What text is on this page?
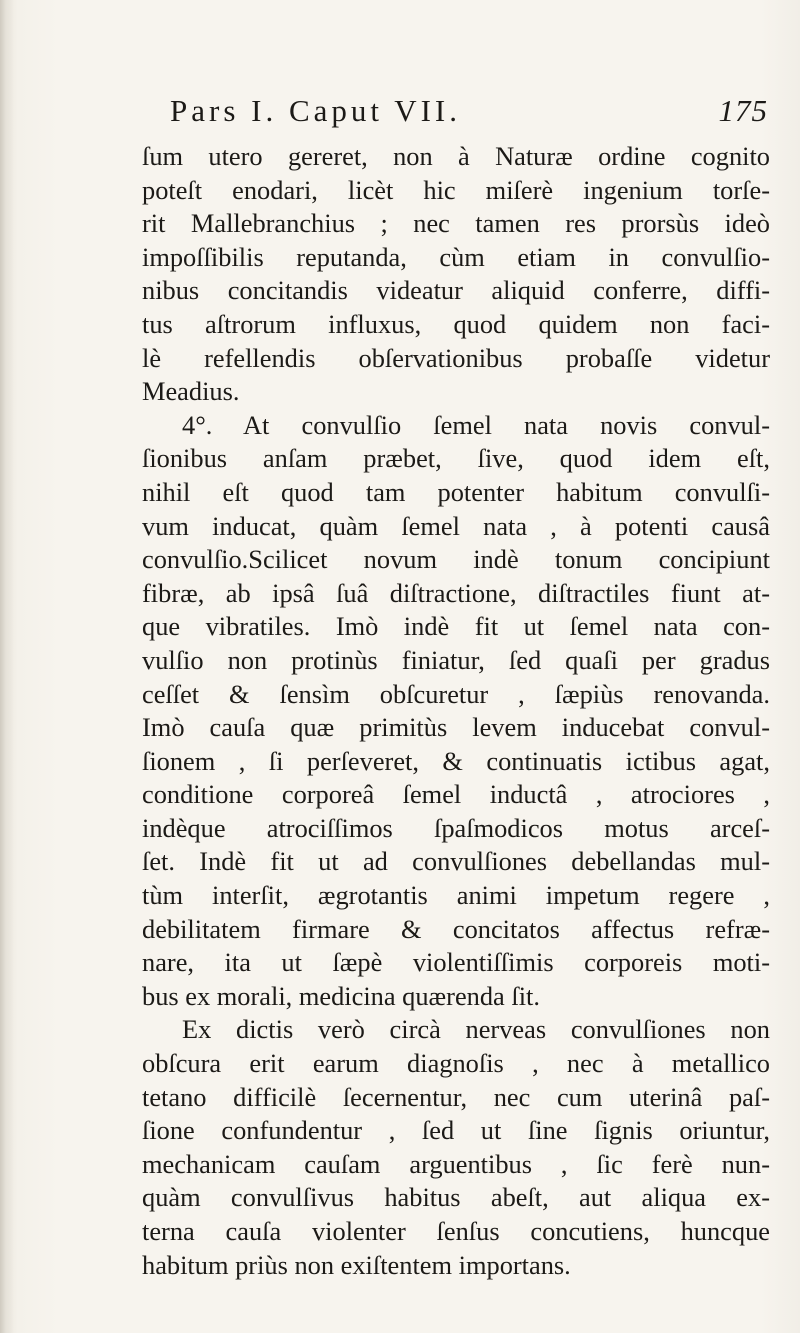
Pars I. Caput VII.	175
ſum utero gereret, non à Naturæ ordine cognito
poteſt enodari, licèt hic miſerè ingenium torſe-
rit Mallebranchius ; nec tamen res prorsùs ideò
impoſſibilis reputanda, cùm etiam in convulſio-
nibus concitandis videatur aliquid conferre, diffi-
tus aſtrorum influxus, quod quidem non faci-
lè refellendis obſervationibus probaſſe videtur
Meadius.
4°. At convulſio ſemel nata novis convul-
ſionibus anſam præbet, ſive, quod idem eſt,
nihil eſt quod tam potenter habitum convulſi-
vum inducat, quàm ſemel nata , à potenti causâ
convulſio.Scilicet novum indè tonum concipiunt
fibræ, ab ipsâ ſuâ diſtractione, diſtractiles fiunt at-
que vibratiles. Imò indè fit ut ſemel nata con-
vulſio non protinùs finiatur, ſed quaſi per gradus
ceſſet & ſensìm obſcuretur , ſæpiùs renovanda.
Imò cauſa quæ primitùs levem inducebat convul-
ſionem , ſi perſeveret, & continuatis ictibus agat,
conditione corporeâ ſemel inductâ , atrociores ,
indèque atrociſſimos ſpaſmodicos motus arceſ-
ſet. Indè fit ut ad convulſiones debellandas mul-
tùm interſit, ægrotantis animi impetum regere ,
debilitatem firmare & concitatos affectus refræ-
nare, ita ut ſæpè violentiſſimis corporeis moti-
bus ex morali, medicina quærenda ſit.
Ex dictis verò circà nerveas convulſiones non
obſcura erit earum diagnoſis , nec à metallico
tetano difficilè ſecernentur, nec cum uterinâ paſ-
ſione confundentur , ſed ut ſine ſignis oriuntur,
mechanicam cauſam arguentibus , ſic ferè nun-
quàm convulſivus habitus abeſt, aut aliqua ex-
terna cauſa violenter ſenſus concutiens, huncque
habitum priùs non exiſtentem importans.
